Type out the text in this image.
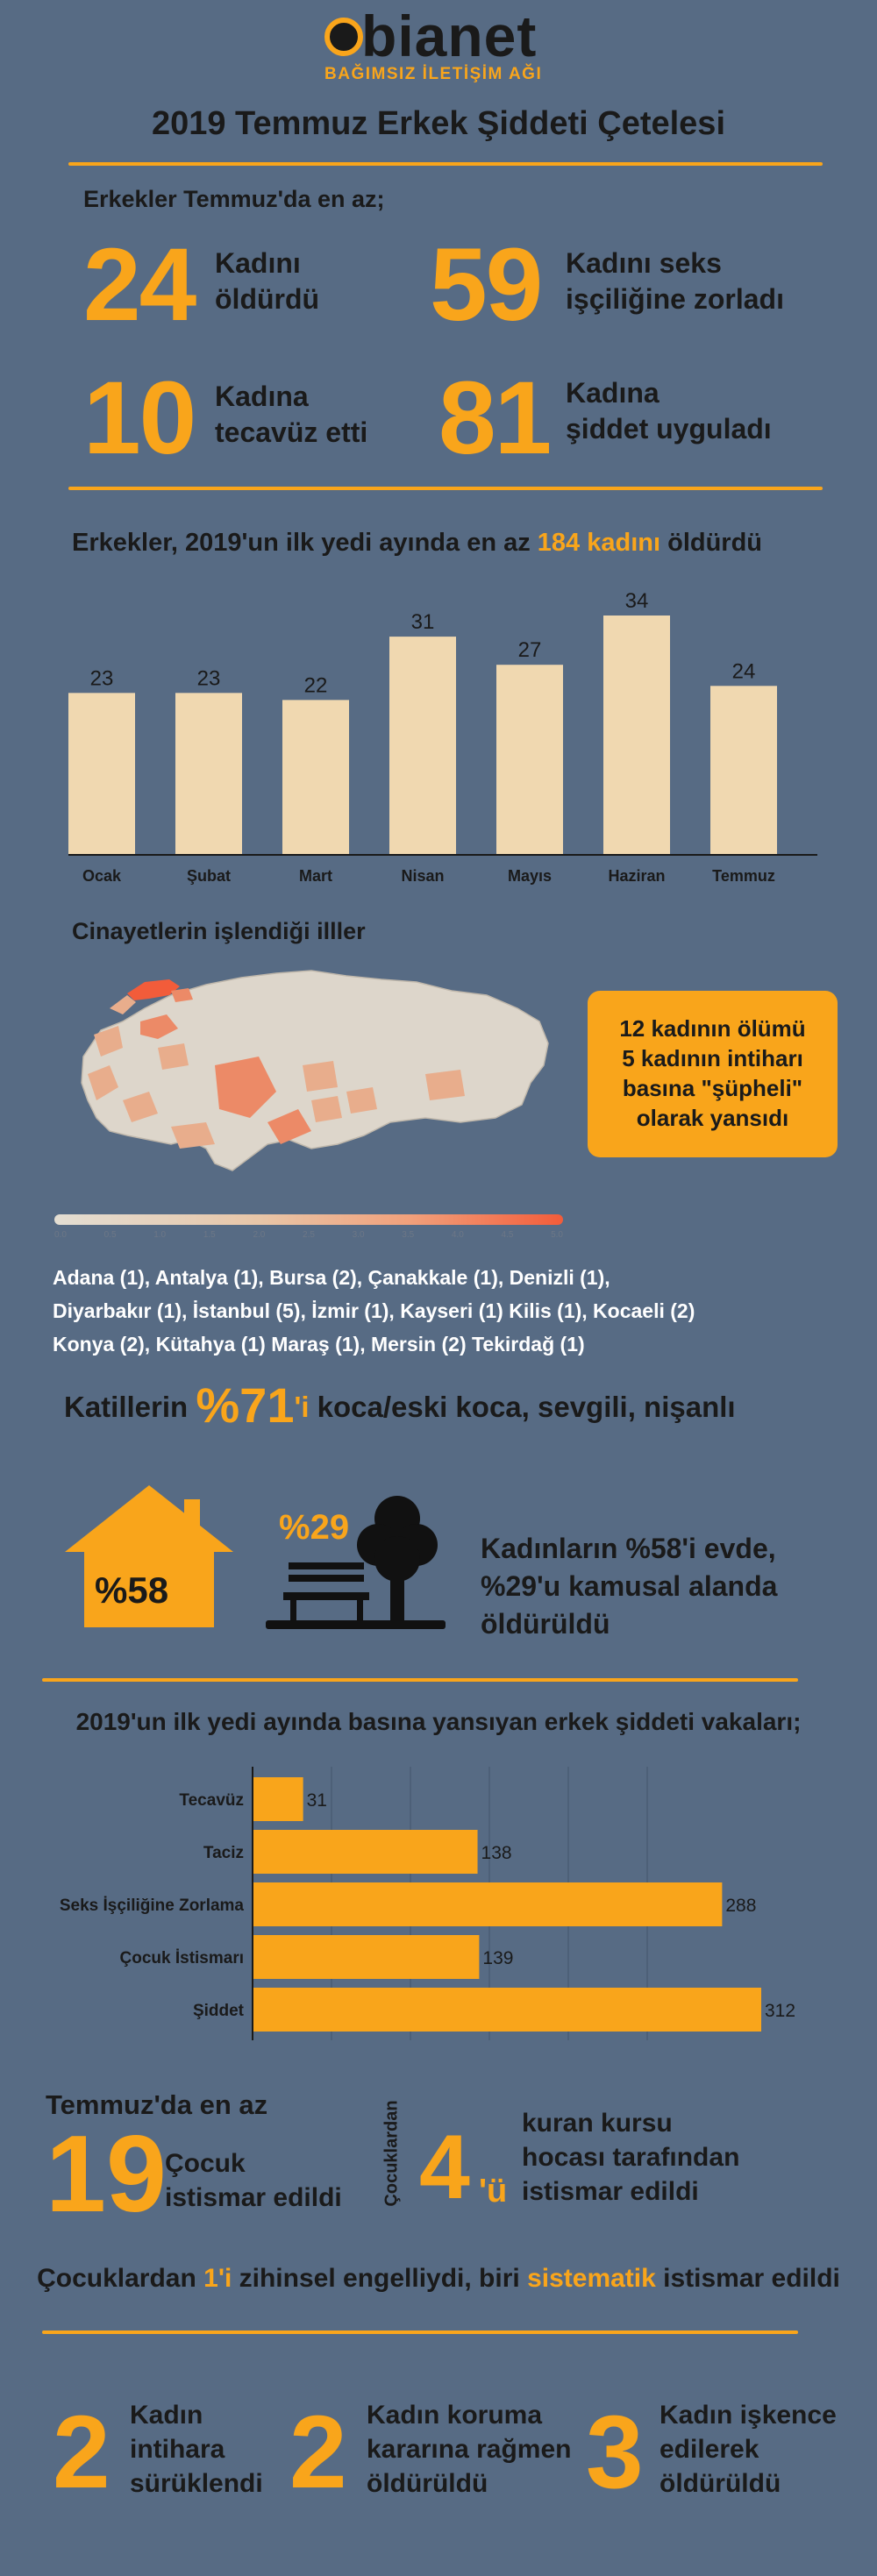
bianet
BAĞIMSIZ İLETİŞİM AĞI
2019 Temmuz Erkek Şiddeti Çetelesi
Erkekler Temmuz'da en az;
24 Kadını
öldürdü 59 Kadını seks
işçiliğine zorladı
10 Kadına
tecavüz etti 81 Kadına
şiddet uyguladı
Erkekler, 2019'un ilk yedi ayında en az 184 kadını öldürdü
23
Ocak
23
Şubat
22
Mart
31
Nisan
27
Mayıs
34
Haziran
24
Temmuz
Cinayetlerin işlendiği illler
12 kadının ölümü
5 kadının intiharı
basına "şüpheli"
olarak yansıdı
0.0	0.5	1.0	1.5	2.0	2.5	3.0	3.5	4.0	4.5	5.0
Adana (1), Antalya (1), Bursa (2), Çanakkale (1), Denizli (1),
Diyarbakır (1), İstanbul (5), İzmir (1), Kayseri (1) Kilis (1), Kocaeli (2)
Konya (2), Kütahya (1) Maraş (1), Mersin (2) Tekirdağ (1)
Katillerin %71'i koca/eski koca, sevgili, nişanlı
%58
%29
Kadınların %58'i evde,
%29'u kamusal alanda
öldürüldü
2019'un ilk yedi ayında basına yansıyan erkek şiddeti vakaları;
Tecavüz	31
Taciz	138
Seks İşçiliğine Zorlama	288
Çocuk İstismarı	139
Şiddet	312
Temmuz'da en az
19
Çocuk
istismar edildi Çocuklardan 4 'ü
kuran kursu
hocası tarafından
istismar edildi
Çocuklardan 1'i zihinsel engelliydi, biri sistematik istismar edildi
2 Kadın
intihara
sürüklendi 2 Kadın koruma
kararına rağmen
öldürüldü 3 Kadın işkence
edilerek
öldürüldü
